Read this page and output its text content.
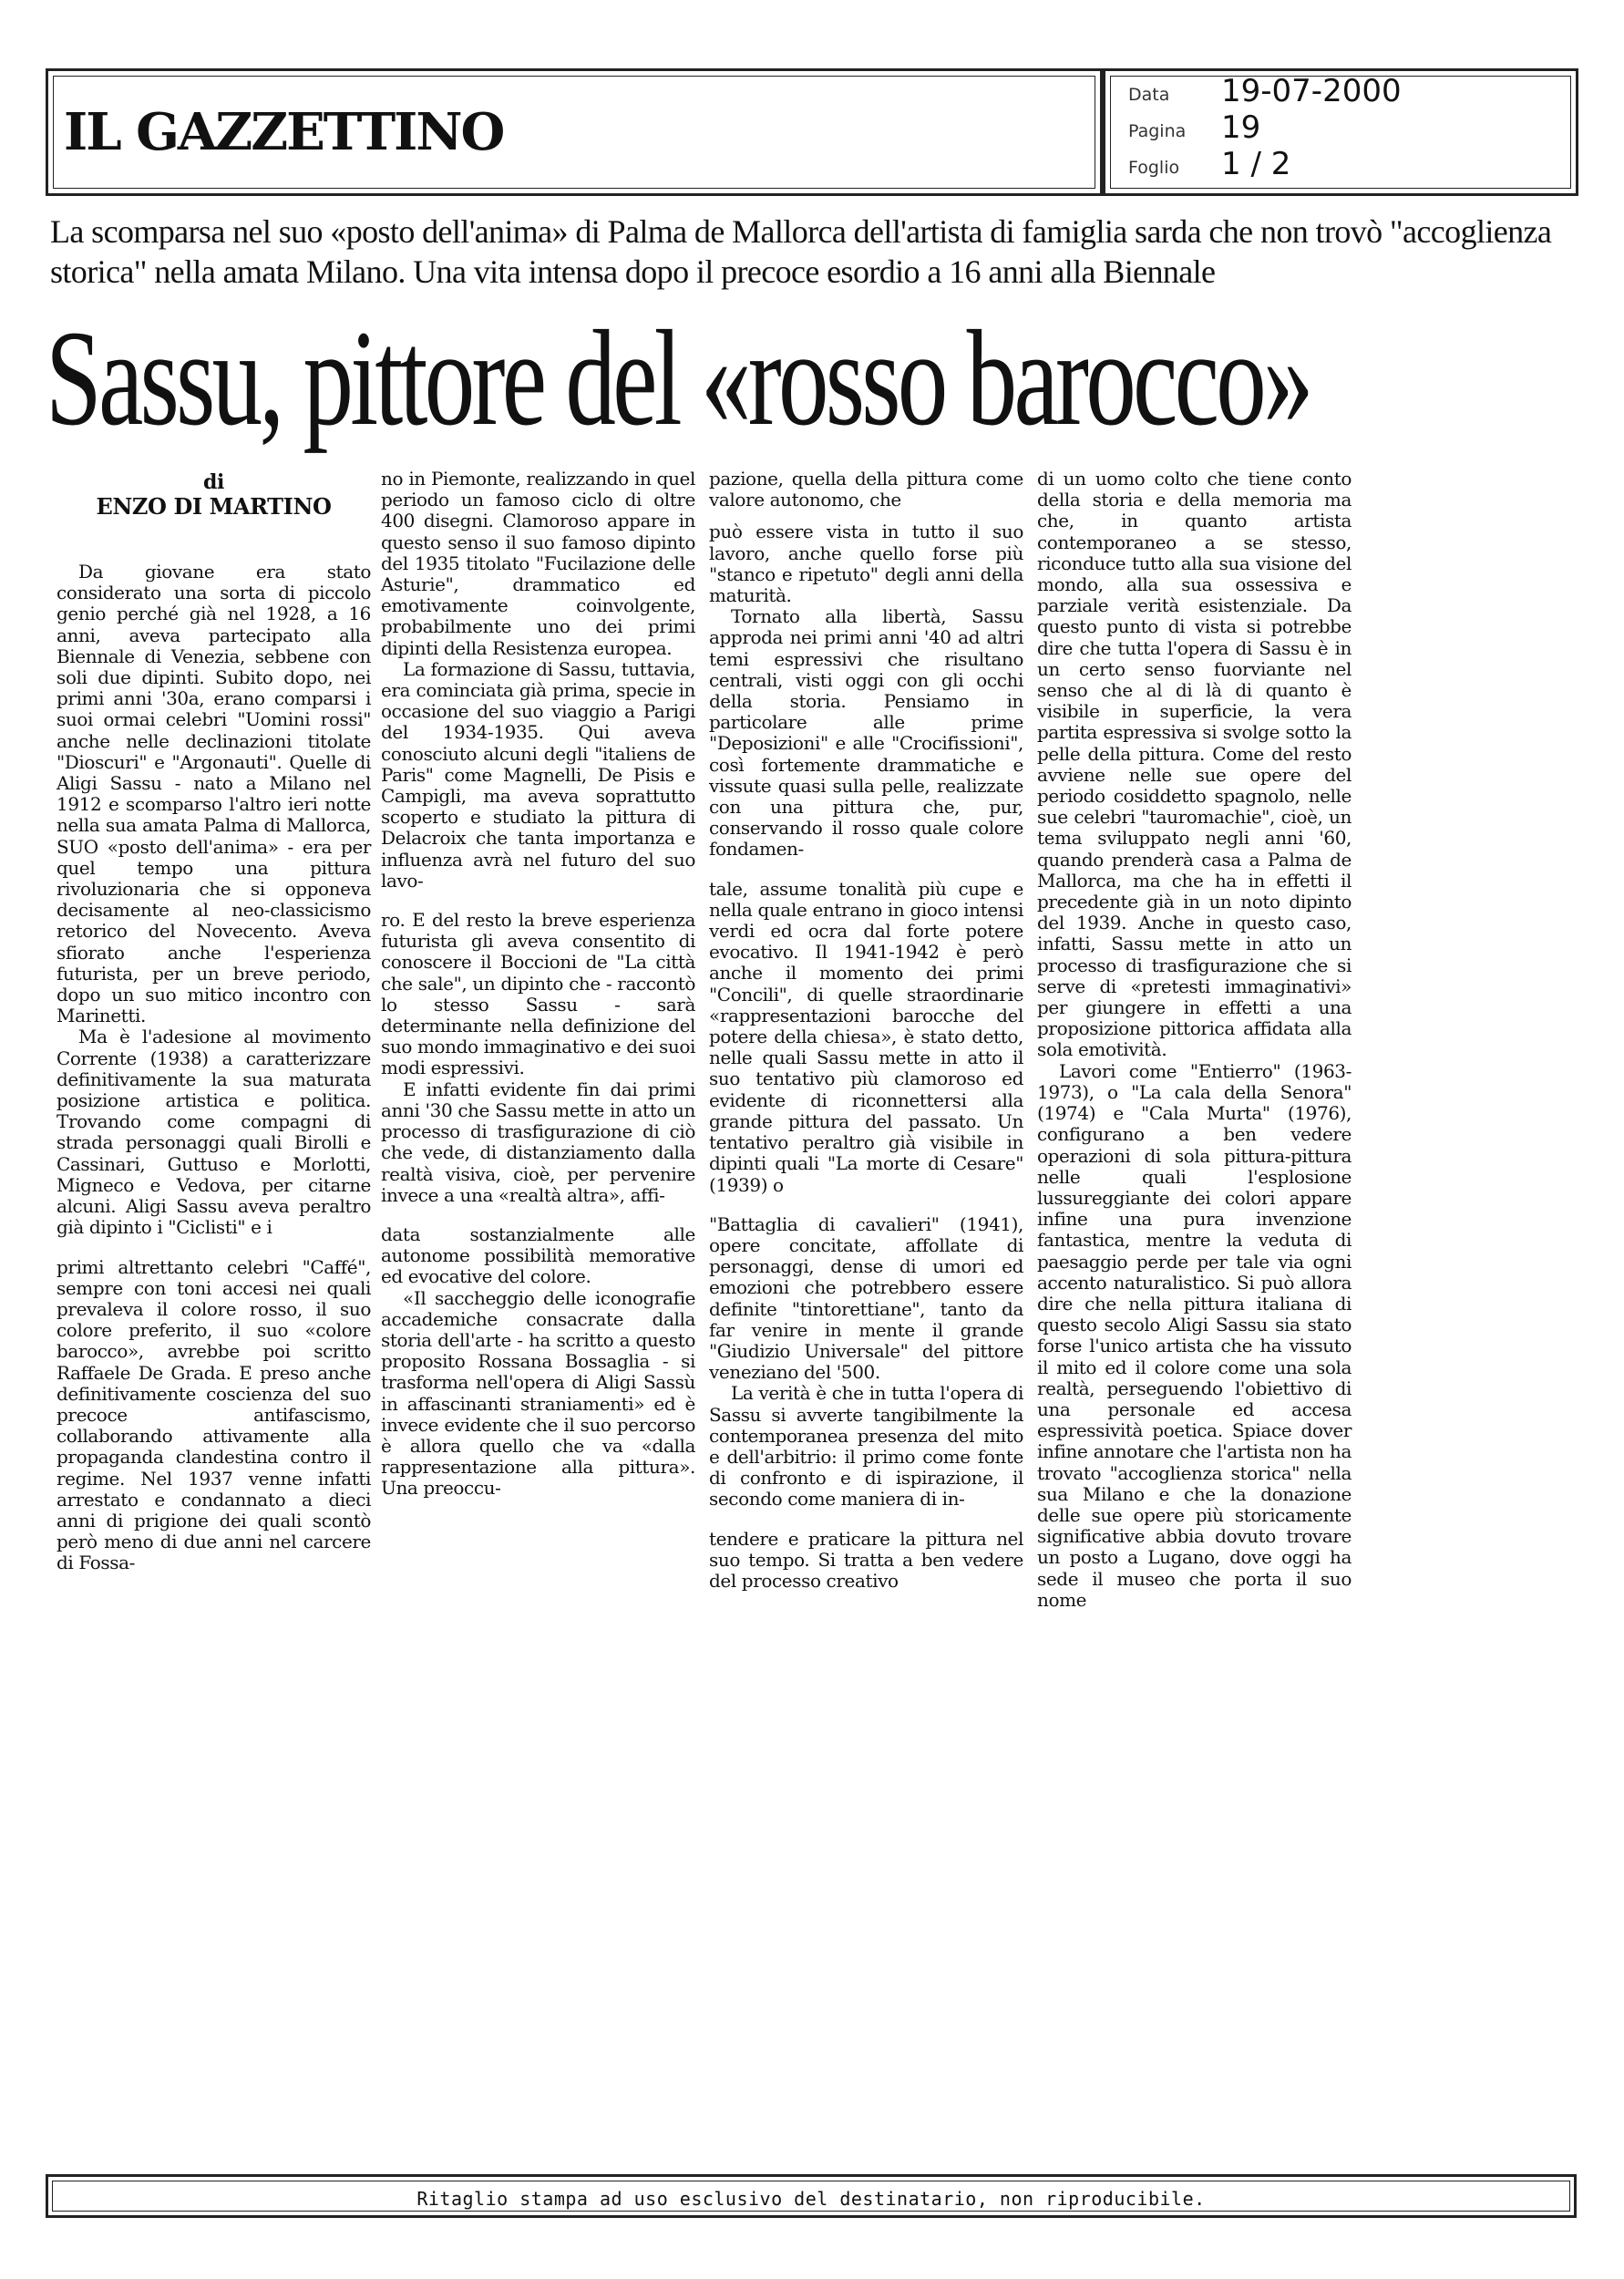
IL GAZZETTINO
Data 19-07-2000
Pagina 19
Foglio 1 / 2
La scomparsa nel suo «posto dell'anima» di Palma de Mallorca dell'artista di famiglia sarda che non trovò "accoglienza storica" nella amata Milano. Una vita intensa dopo il precoce esordio a 16 anni alla Biennale
Sassu, pittore del «rosso barocco»
di
ENZO DI MARTINO

Da giovane era stato considerato una sorta di piccolo genio perché già nel 1928, a 16 anni, aveva partecipato alla Biennale di Venezia, sebbene con soli due dipinti. Subito dopo, nei primi anni '30a, erano comparsi i suoi ormai celebri "Uomini rossi" anche nelle declinazioni titolate "Dioscuri" e "Argonauti". Quelle di Aligi Sassu - nato a Milano nel 1912 e scomparso l'altro ieri notte nella sua amata Palma di Mallorca, SUO «posto dell'anima» - era per quel tempo una pittura rivoluzionaria che si opponeva decisamente al neo-classicismo retorico del Novecento. Aveva sfiorato anche l'esperienza futurista, per un breve periodo, dopo un suo mitico incontro con Marinetti.

Ma è l'adesione al movimento Corrente (1938) a caratterizzare definitivamente la sua maturata posizione artistica e politica. Trovando come compagni di strada personaggi quali Birolli e Cassinari, Guttuso e Morlotti, Migneco e Vedova, per citarne alcuni. Aligi Sassu aveva peraltro già dipinto i "Ciclisti" e i

primi altrettanto celebri "Caffé", sempre con toni accesi nei quali prevaleva il colore rosso, il suo colore preferito, il suo «colore barocco», avrebbe poi scritto Raffaele De Grada. E preso anche definitivamente coscienza del suo precoce antifascismo, collaborando attivamente alla propaganda clandestina contro il regime. Nel 1937 venne infatti arrestato e condannato a dieci anni di prigione dei quali scontò però meno di due anni nel carcere di Fossa-

no in Piemonte, realizzando in quel periodo un famoso ciclo di oltre 400 disegni. Clamoroso appare in questo senso il suo famoso dipinto del 1935 titolato "Fucilazione delle Asturie", drammatico ed emotivamente coinvolgente, probabilmente uno dei primi dipinti della Resistenza europea.

La formazione di Sassu, tuttavia, era cominciata già prima, specie in occasione del suo viaggio a Parigi del 1934-1935. Qui aveva conosciuto alcuni degli "italiens de Paris" come Magnelli, De Pisis e Campigli, ma aveva soprattutto scoperto e studiato la pittura di Delacroix che tanta importanza e influenza avrà nel futuro del suo lavo-

ro. E del resto la breve esperienza futurista gli aveva consentito di conoscere il Boccioni de "La città che sale", un dipinto che - raccontò lo stesso Sassu - sarà determinante nella definizione del suo mondo immaginativo e dei suoi modi espressivi.

E infatti evidente fin dai primi anni '30 che Sassu mette in atto un processo di trasfigurazione di ciò che vede, di distanziamento dalla realtà visiva, cioè, per pervenire invece a una «realtà altra», affi-

data sostanzialmente alle autonome possibilità memorative ed evocative del colore.

«Il saccheggio delle iconografie accademiche consacrate dalla storia dell'arte - ha scritto a questo proposito Rossana Bossaglia - si trasforma nell'opera di Aligi Sassù in affascinanti straniamenti» ed è invece evidente che il suo percorso è allora quello che va «dalla rappresentazione alla pittura». Una preoccu-

pazione, quella della pittura come valore autonomo, che

può essere vista in tutto il suo lavoro, anche quello forse più "stanco e ripetuto" degli anni della maturità.

Tornato alla libertà, Sassu approda nei primi anni '40 ad altri temi espressivi che risultano centrali, visti oggi con gli occhi della storia. Pensiamo in particolare alle prime "Deposizioni" e alle "Crocifissioni", così fortemente drammatiche e vissute quasi sulla pelle, realizzate con una pittura che, pur, conservando il rosso quale colore fondamen-

tale, assume tonalità più cupe e nella quale entrano in gioco intensi verdi ed ocra dal forte potere evocativo. Il 1941-1942 è però anche il momento dei primi "Concili", di quelle straordinarie «rappresentazioni barocche del potere della chiesa», è stato detto, nelle quali Sassu mette in atto il suo tentativo più clamoroso ed evidente di riconnettersi alla grande pittura del passato. Un tentativo peraltro già visibile in dipinti quali "La morte di Cesare" (1939) o

"Battaglia di cavalieri" (1941), opere concitate, affollate di personaggi, dense di umori ed emozioni che potrebbero essere definite "tintorettiane", tanto da far venire in mente il grande "Giudizio Universale" del pittore veneziano del '500.

La verità è che in tutta l'opera di Sassu si avverte tangibilmente la contemporanea presenza del mito e dell'arbitrio: il primo come fonte di confronto e di ispirazione, il secondo come maniera di in-

tendere e praticare la pittura nel suo tempo. Si tratta a ben vedere del processo creativo

di un uomo colto che tiene conto della storia e della memoria ma che, in quanto artista contemporaneo a se stesso, riconduce tutto alla sua visione del mondo, alla sua ossessiva e parziale verità esistenziale. Da questo punto di vista si potrebbe dire che tutta l'opera di Sassu è in un certo senso fuorviante nel senso che al di là di quanto è visibile in superficie, la vera partita espressiva si svolge sotto la pelle della pittura. Come del resto avviene nelle sue opere del periodo cosiddetto spagnolo, nelle sue celebri "tauromachie", cioè, un tema sviluppato negli anni '60, quando prenderà casa a Palma de Mallorca, ma che ha in effetti il precedente già in un noto dipinto del 1939. Anche in questo caso, infatti, Sassu mette in atto un processo di trasfigurazione che si serve di «pretesti immaginativi» per giungere in effetti a una proposizione pittorica affidata alla sola emotività.

Lavori come "Entierro" (1963-1973), o "La cala della Senora" (1974) e "Cala Murta" (1976), configurano a ben vedere operazioni di sola pittura-pittura nelle quali l'esplosione lussureggiante dei colori appare infine una pura invenzione fantastica, mentre la veduta di paesaggio perde per tale via ogni accento naturalistico. Si può allora dire che nella pittura italiana di questo secolo Aligi Sassu sia stato forse l'unico artista che ha vissuto il mito ed il colore come una sola realtà, perseguendo l'obiettivo di una personale ed accesa espressività poetica. Spiace dover infine annotare che l'artista non ha trovato "accoglienza storica" nella sua Milano e che la donazione delle sue opere più storicamente significative abbia dovuto trovare un posto a Lugano, dove oggi ha sede il museo che porta il suo nome

Ritaglio stampa ad uso esclusivo del destinatario, non riproducibile.
